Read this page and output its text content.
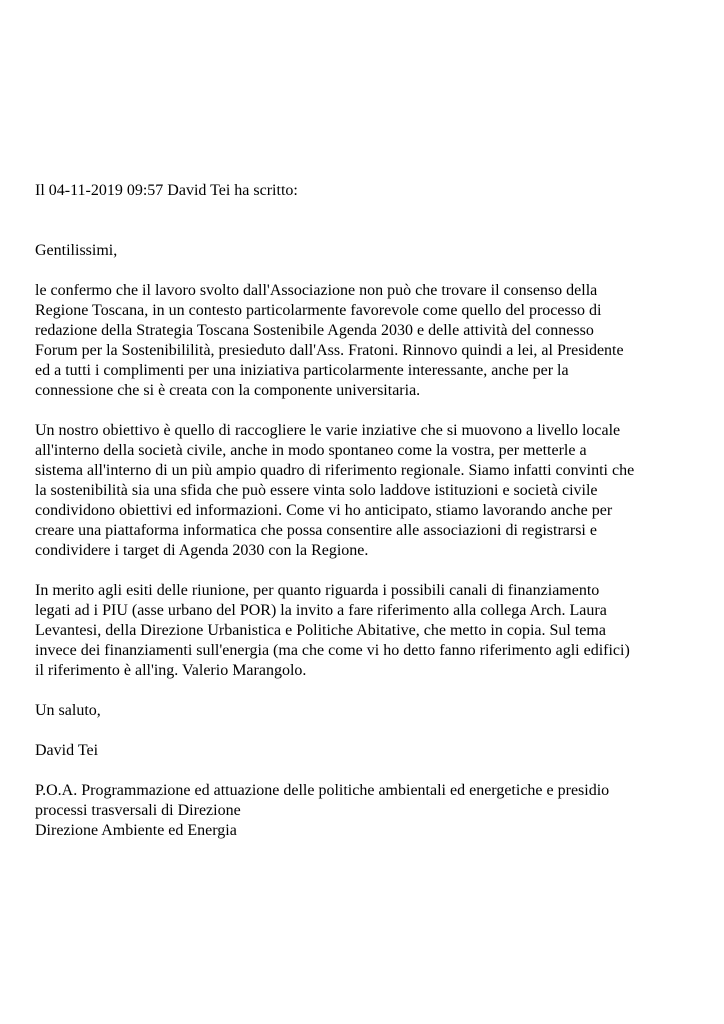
Il 04-11-2019 09:57 David Tei ha scritto:

Gentilissimi,

le confermo che il lavoro svolto dall'Associazione non può che trovare il consenso della
Regione Toscana, in un contesto particolarmente favorevole come quello del processo di
redazione della Strategia Toscana Sostenibile Agenda 2030 e delle attività del connesso
Forum per la Sostenibililità, presieduto dall'Ass. Fratoni. Rinnovo quindi a lei, al Presidente
ed a tutti i complimenti per una iniziativa particolarmente interessante, anche per la
connessione che si è creata con la componente universitaria.

Un nostro obiettivo è quello di raccogliere le varie inziative che si muovono a livello locale
all'interno della società civile, anche in modo spontaneo come la vostra, per metterle a
sistema all'interno di un più ampio quadro di riferimento regionale. Siamo infatti convinti che
la sostenibilità sia una sfida che può essere vinta solo laddove istituzioni e società civile
condividono obiettivi ed informazioni. Come vi ho anticipato, stiamo lavorando anche per
creare una piattaforma informatica che possa consentire alle associazioni di registrarsi e
condividere i target di Agenda 2030 con la Regione.

In merito agli esiti delle riunione, per quanto riguarda i possibili canali di finanziamento
legati ad i PIU (asse urbano del POR) la invito a fare riferimento alla collega Arch. Laura
Levantesi, della Direzione Urbanistica e Politiche Abitative, che metto in copia. Sul tema
invece dei finanziamenti sull'energia (ma che come vi ho detto fanno riferimento agli edifici)
il riferimento è all'ing. Valerio Marangolo.

Un saluto,

David Tei

P.O.A. Programmazione ed attuazione delle politiche ambientali ed energetiche e presidio
processi trasversali di Direzione
Direzione Ambiente ed Energia
